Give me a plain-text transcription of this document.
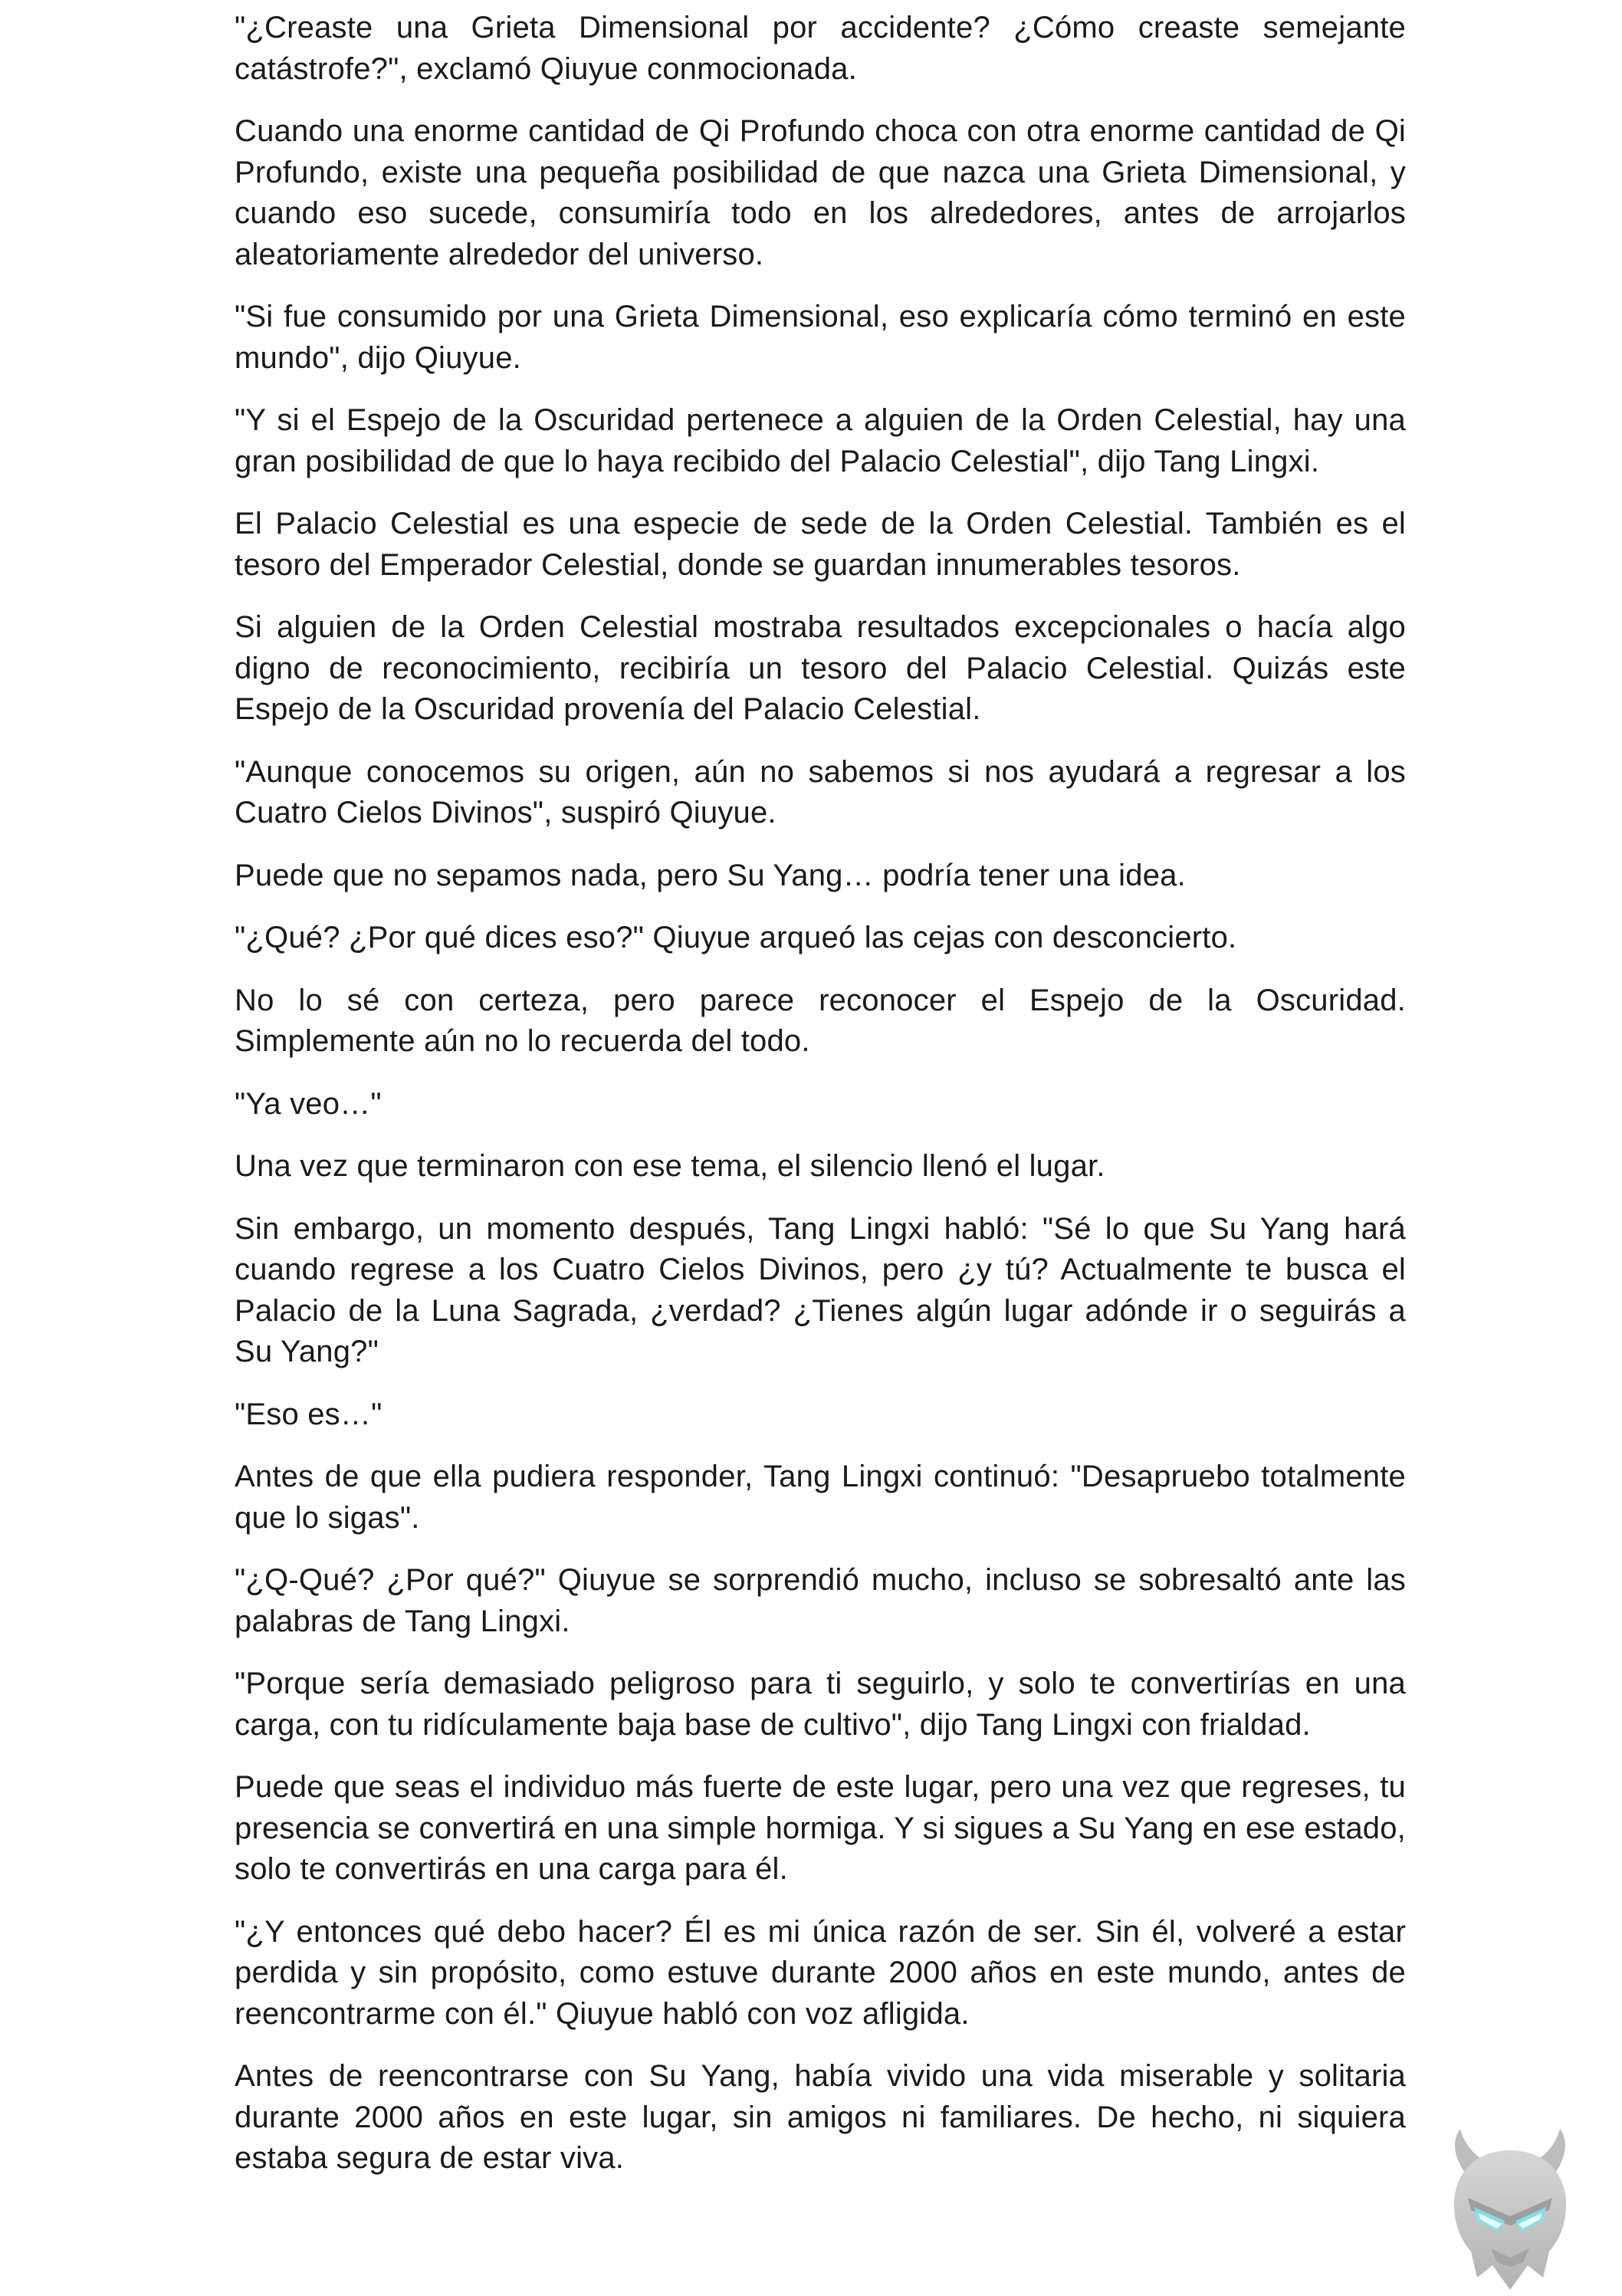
"¿Creaste una Grieta Dimensional por accidente? ¿Cómo creaste semejante catástrofe?", exclamó Qiuyue conmocionada.

Cuando una enorme cantidad de Qi Profundo choca con otra enorme cantidad de Qi Profundo, existe una pequeña posibilidad de que nazca una Grieta Dimensional, y cuando eso sucede, consumiría todo en los alrededores, antes de arrojarlos aleatoriamente alrededor del universo.

"Si fue consumido por una Grieta Dimensional, eso explicaría cómo terminó en este mundo", dijo Qiuyue.

"Y si el Espejo de la Oscuridad pertenece a alguien de la Orden Celestial, hay una gran posibilidad de que lo haya recibido del Palacio Celestial", dijo Tang Lingxi.

El Palacio Celestial es una especie de sede de la Orden Celestial. También es el tesoro del Emperador Celestial, donde se guardan innumerables tesoros.

Si alguien de la Orden Celestial mostraba resultados excepcionales o hacía algo digno de reconocimiento, recibiría un tesoro del Palacio Celestial. Quizás este Espejo de la Oscuridad provenía del Palacio Celestial.

"Aunque conocemos su origen, aún no sabemos si nos ayudará a regresar a los Cuatro Cielos Divinos", suspiró Qiuyue.

Puede que no sepamos nada, pero Su Yang… podría tener una idea.

"¿Qué? ¿Por qué dices eso?" Qiuyue arqueó las cejas con desconcierto.

No lo sé con certeza, pero parece reconocer el Espejo de la Oscuridad. Simplemente aún no lo recuerda del todo.

"Ya veo…"

Una vez que terminaron con ese tema, el silencio llenó el lugar.

Sin embargo, un momento después, Tang Lingxi habló: "Sé lo que Su Yang hará cuando regrese a los Cuatro Cielos Divinos, pero ¿y tú? Actualmente te busca el Palacio de la Luna Sagrada, ¿verdad? ¿Tienes algún lugar adónde ir o seguirás a Su Yang?"

"Eso es…"

Antes de que ella pudiera responder, Tang Lingxi continuó: "Desapruebo totalmente que lo sigas".

"¿Q-Qué? ¿Por qué?" Qiuyue se sorprendió mucho, incluso se sobresaltó ante las palabras de Tang Lingxi.

"Porque sería demasiado peligroso para ti seguirlo, y solo te convertirías en una carga, con tu ridículamente baja base de cultivo", dijo Tang Lingxi con frialdad.

Puede que seas el individuo más fuerte de este lugar, pero una vez que regreses, tu presencia se convertirá en una simple hormiga. Y si sigues a Su Yang en ese estado, solo te convertirás en una carga para él.

"¿Y entonces qué debo hacer? Él es mi única razón de ser. Sin él, volveré a estar perdida y sin propósito, como estuve durante 2000 años en este mundo, antes de reencontrarme con él." Qiuyue habló con voz afligida.

Antes de reencontrarse con Su Yang, había vivido una vida miserable y solitaria durante 2000 años en este lugar, sin amigos ni familiares. De hecho, ni siquiera estaba segura de estar viva.
